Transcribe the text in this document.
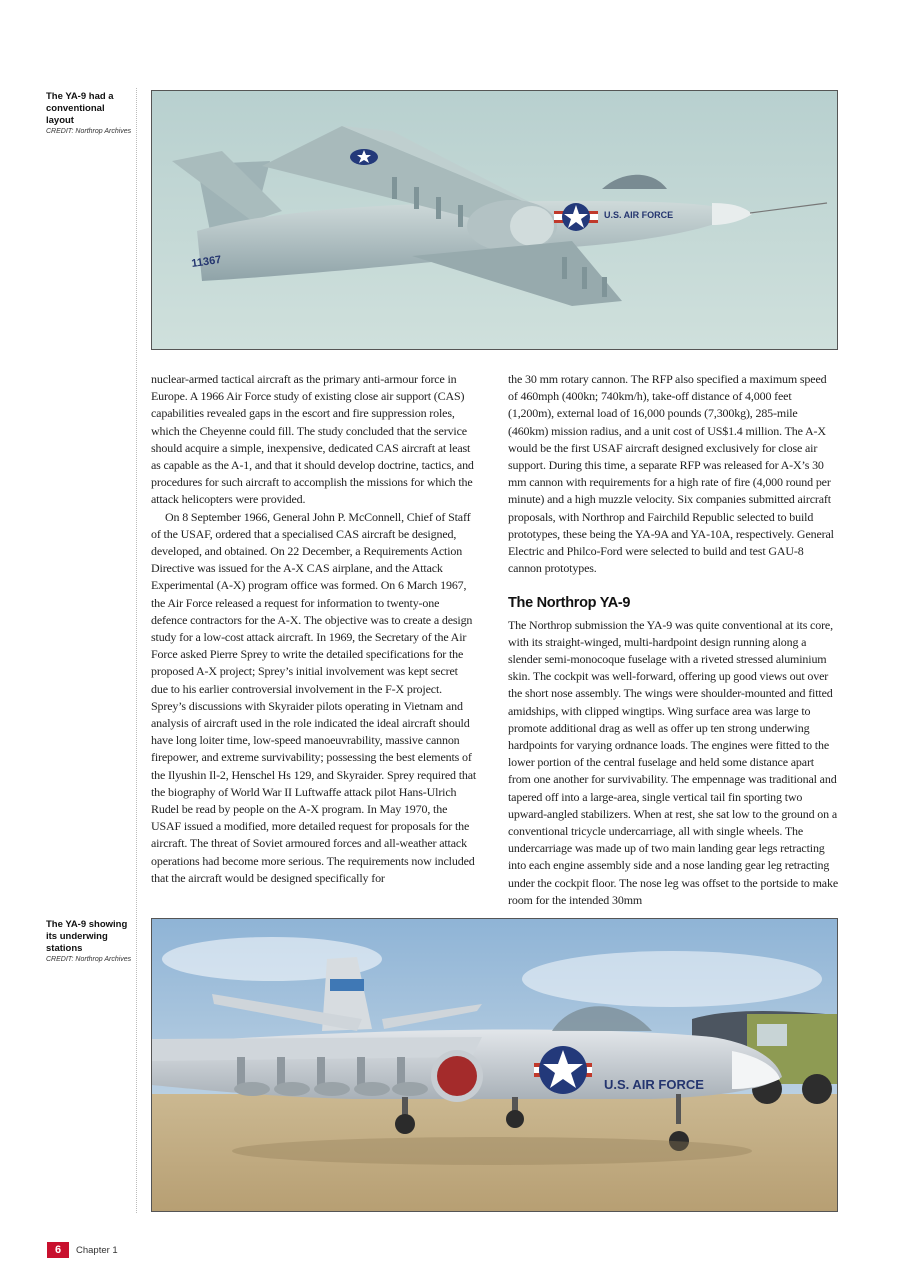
The YA-9 had a conventional layout
CREDIT: Northrop Archives
The YA-9 showing its underwing stations
CREDIT: Northrop Archives
U.S. AIR FORCE
11367

nuclear-armed tactical aircraft as the primary anti-armour force in Europe. A 1966 Air Force study of existing close air support (CAS) capabilities revealed gaps in the escort and fire suppression roles, which the Cheyenne could fill. The study concluded that the service should acquire a simple, inexpensive, dedicated CAS aircraft at least as capable as the A-1, and that it should develop doctrine, tactics, and procedures for such aircraft to accomplish the missions for which the attack helicopters were provided.

On 8 September 1966, General John P. McConnell, Chief of Staff of the USAF, ordered that a specialised CAS aircraft be designed, developed, and obtained. On 22 December, a Requirements Action Directive was issued for the A-X CAS airplane, and the Attack Experimental (A-X) program office was formed. On 6 March 1967, the Air Force released a request for information to twenty-one defence contractors for the A-X. The objective was to create a design study for a low-cost attack aircraft. In 1969, the Secretary of the Air Force asked Pierre Sprey to write the detailed specifications for the proposed A-X project; Sprey’s initial involvement was kept secret due to his earlier controversial involvement in the F-X project. Sprey’s discussions with Skyraider pilots operating in Vietnam and analysis of aircraft used in the role indicated the ideal aircraft should have long loiter time, low-speed manoeuvrability, massive cannon firepower, and extreme survivability; possessing the best elements of the Ilyushin Il-2, Henschel Hs 129, and Skyraider. Sprey required that the biography of World War II Luftwaffe attack pilot Hans-Ulrich Rudel be read by people on the A-X program. In May 1970, the USAF issued a modified, more detailed request for proposals for the aircraft. The threat of Soviet armoured forces and all-weather attack operations had become more serious. The requirements now included that the aircraft would be designed specifically for

the 30 mm rotary cannon. The RFP also specified a maximum speed of 460mph (400kn; 740km/h), take-off distance of 4,000 feet (1,200m), external load of 16,000 pounds (7,300kg), 285-mile (460km) mission radius, and a unit cost of US$1.4 million. The A-X would be the first USAF aircraft designed exclusively for close air support. During this time, a separate RFP was released for A-X’s 30 mm cannon with requirements for a high rate of fire (4,000 round per minute) and a high muzzle velocity. Six companies submitted aircraft proposals, with Northrop and Fairchild Republic selected to build prototypes, these being the YA-9A and YA-10A, respectively. General Electric and Philco-Ford were selected to build and test GAU-8 cannon prototypes.

The Northrop YA-9

The Northrop submission the YA-9 was quite conventional at its core, with its straight-winged, multi-hardpoint design running along a slender semi-monocoque fuselage with a riveted stressed aluminium skin. The cockpit was well-forward, offering up good views out over the short nose assembly. The wings were shoulder-mounted and fitted amidships, with clipped wingtips. Wing surface area was large to promote additional drag as well as offer up ten strong underwing hardpoints for varying ordnance loads. The engines were fitted to the lower portion of the central fuselage and held some distance apart from one another for survivability. The empennage was traditional and tapered off into a large-area, single vertical tail fin sporting two upward-angled stabilizers. When at rest, she sat low to the ground on a conventional tricycle undercarriage, all with single wheels. The undercarriage was made up of two main landing gear legs retracting into each engine assembly side and a nose landing gear leg retracting under the cockpit floor. The nose leg was offset to the portside to make room for the intended 30mm

U.S. AIR FORCE
6	Chapter 1
